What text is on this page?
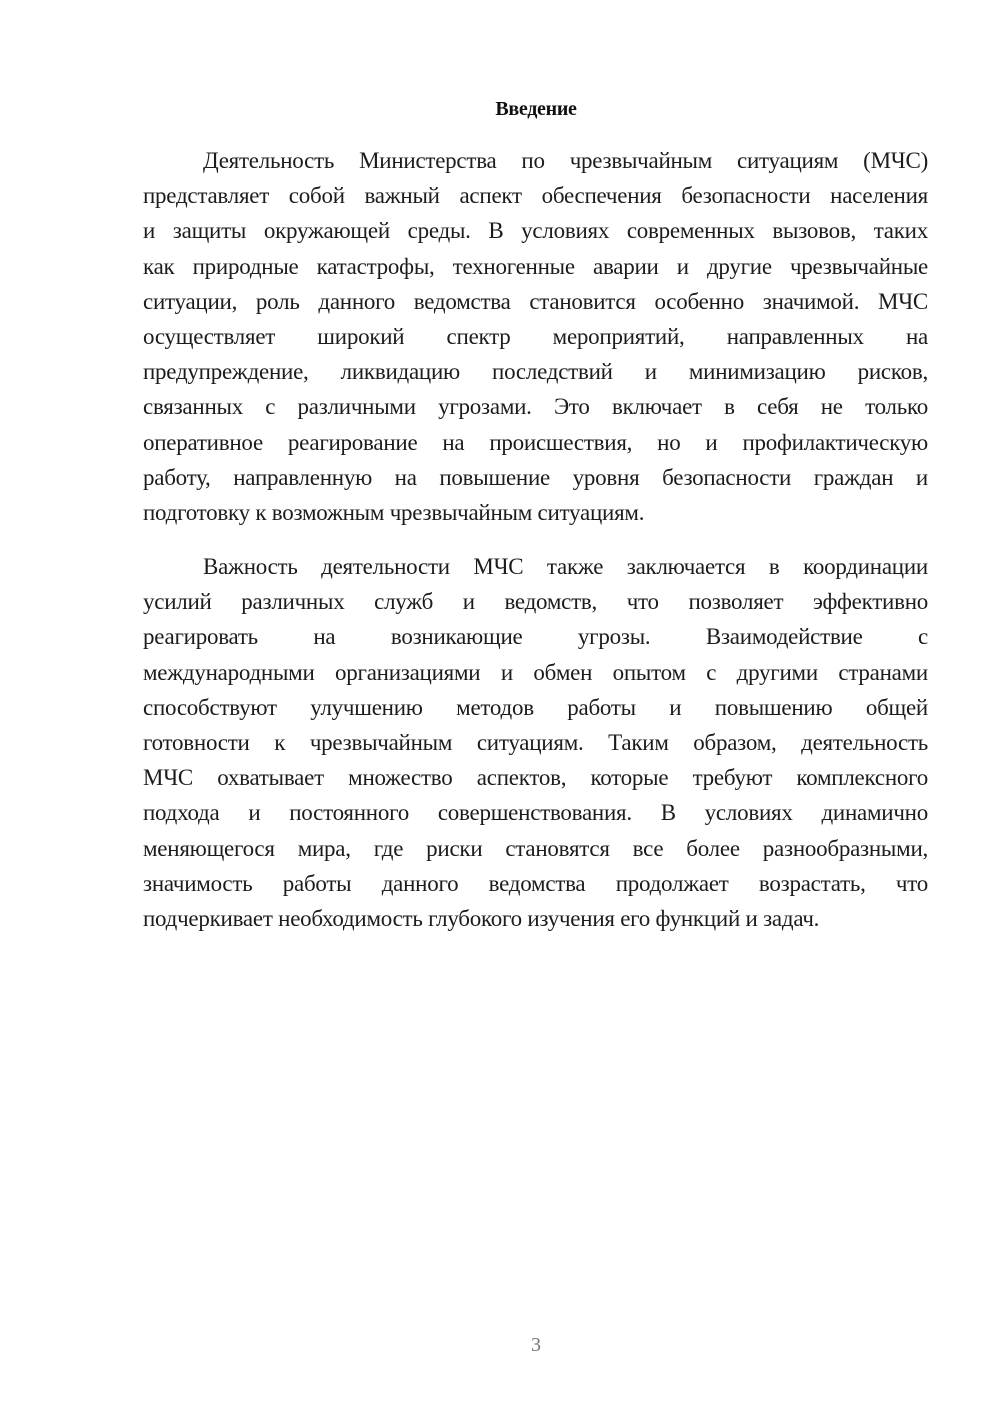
Введение
Деятельность Министерства по чрезвычайным ситуациям (МЧС)
представляет собой важный аспект обеспечения безопасности населения
и защиты окружающей среды. В условиях современных вызовов, таких
как природные катастрофы, техногенные аварии и другие чрезвычайные
ситуации, роль данного ведомства становится особенно значимой. МЧС
осуществляет широкий спектр мероприятий, направленных на
предупреждение, ликвидацию последствий и минимизацию рисков,
связанных с различными угрозами. Это включает в себя не только
оперативное реагирование на происшествия, но и профилактическую
работу, направленную на повышение уровня безопасности граждан и
подготовку к возможным чрезвычайным ситуациям.
Важность деятельности МЧС также заключается в координации
усилий различных служб и ведомств, что позволяет эффективно
реагировать на возникающие угрозы. Взаимодействие с
международными организациями и обмен опытом с другими странами
способствуют улучшению методов работы и повышению общей
готовности к чрезвычайным ситуациям. Таким образом, деятельность
МЧС охватывает множество аспектов, которые требуют комплексного
подхода и постоянного совершенствования. В условиях динамично
меняющегося мира, где риски становятся все более разнообразными,
значимость работы данного ведомства продолжает возрастать, что
подчеркивает необходимость глубокого изучения его функций и задач.
3
